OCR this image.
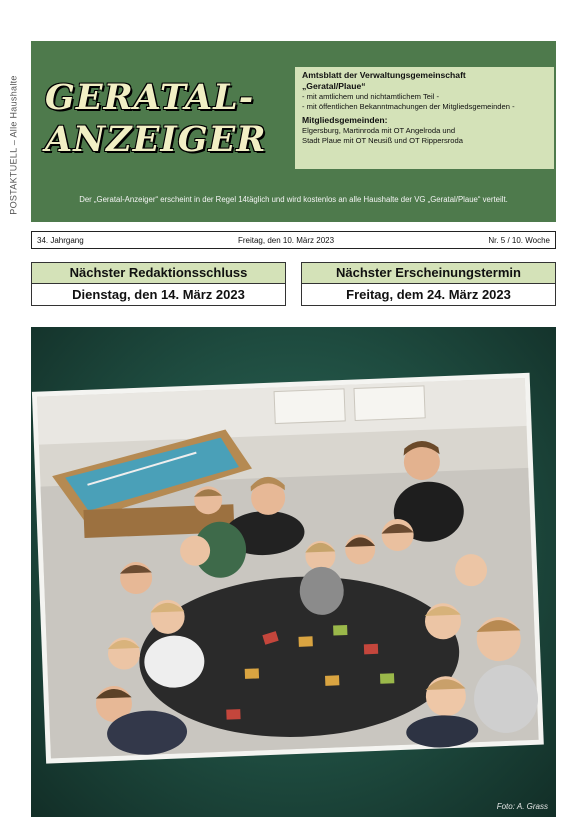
POSTAKTUELL – Alle Haushalte GERATAL-
ANZEIGER
Amtsblatt der Verwaltungsgemeinschaft
„Geratal/Plaue“
- mit amtlichem und nichtamtlichem Teil -
- mit öffentlichen Bekanntmachungen der Mitgliedsgemeinden -
Mitgliedsgemeinden:
Elgersburg, Martinroda mit OT Angelroda und
Stadt Plaue mit OT Neusiß und OT Rippersroda
Der „Geratal-Anzeiger“ erscheint in der Regel 14täglich und wird kostenlos an alle Haushalte der VG „Geratal/Plaue“ verteilt.
34. Jahrgang	Freitag, den 10. März 2023	Nr. 5 / 10. Woche
Nächster Redaktionsschluss
Dienstag, den 14. März 2023
Nächster Erscheinungstermin
Freitag, dem 24. März 2023
Foto: A. Grass
